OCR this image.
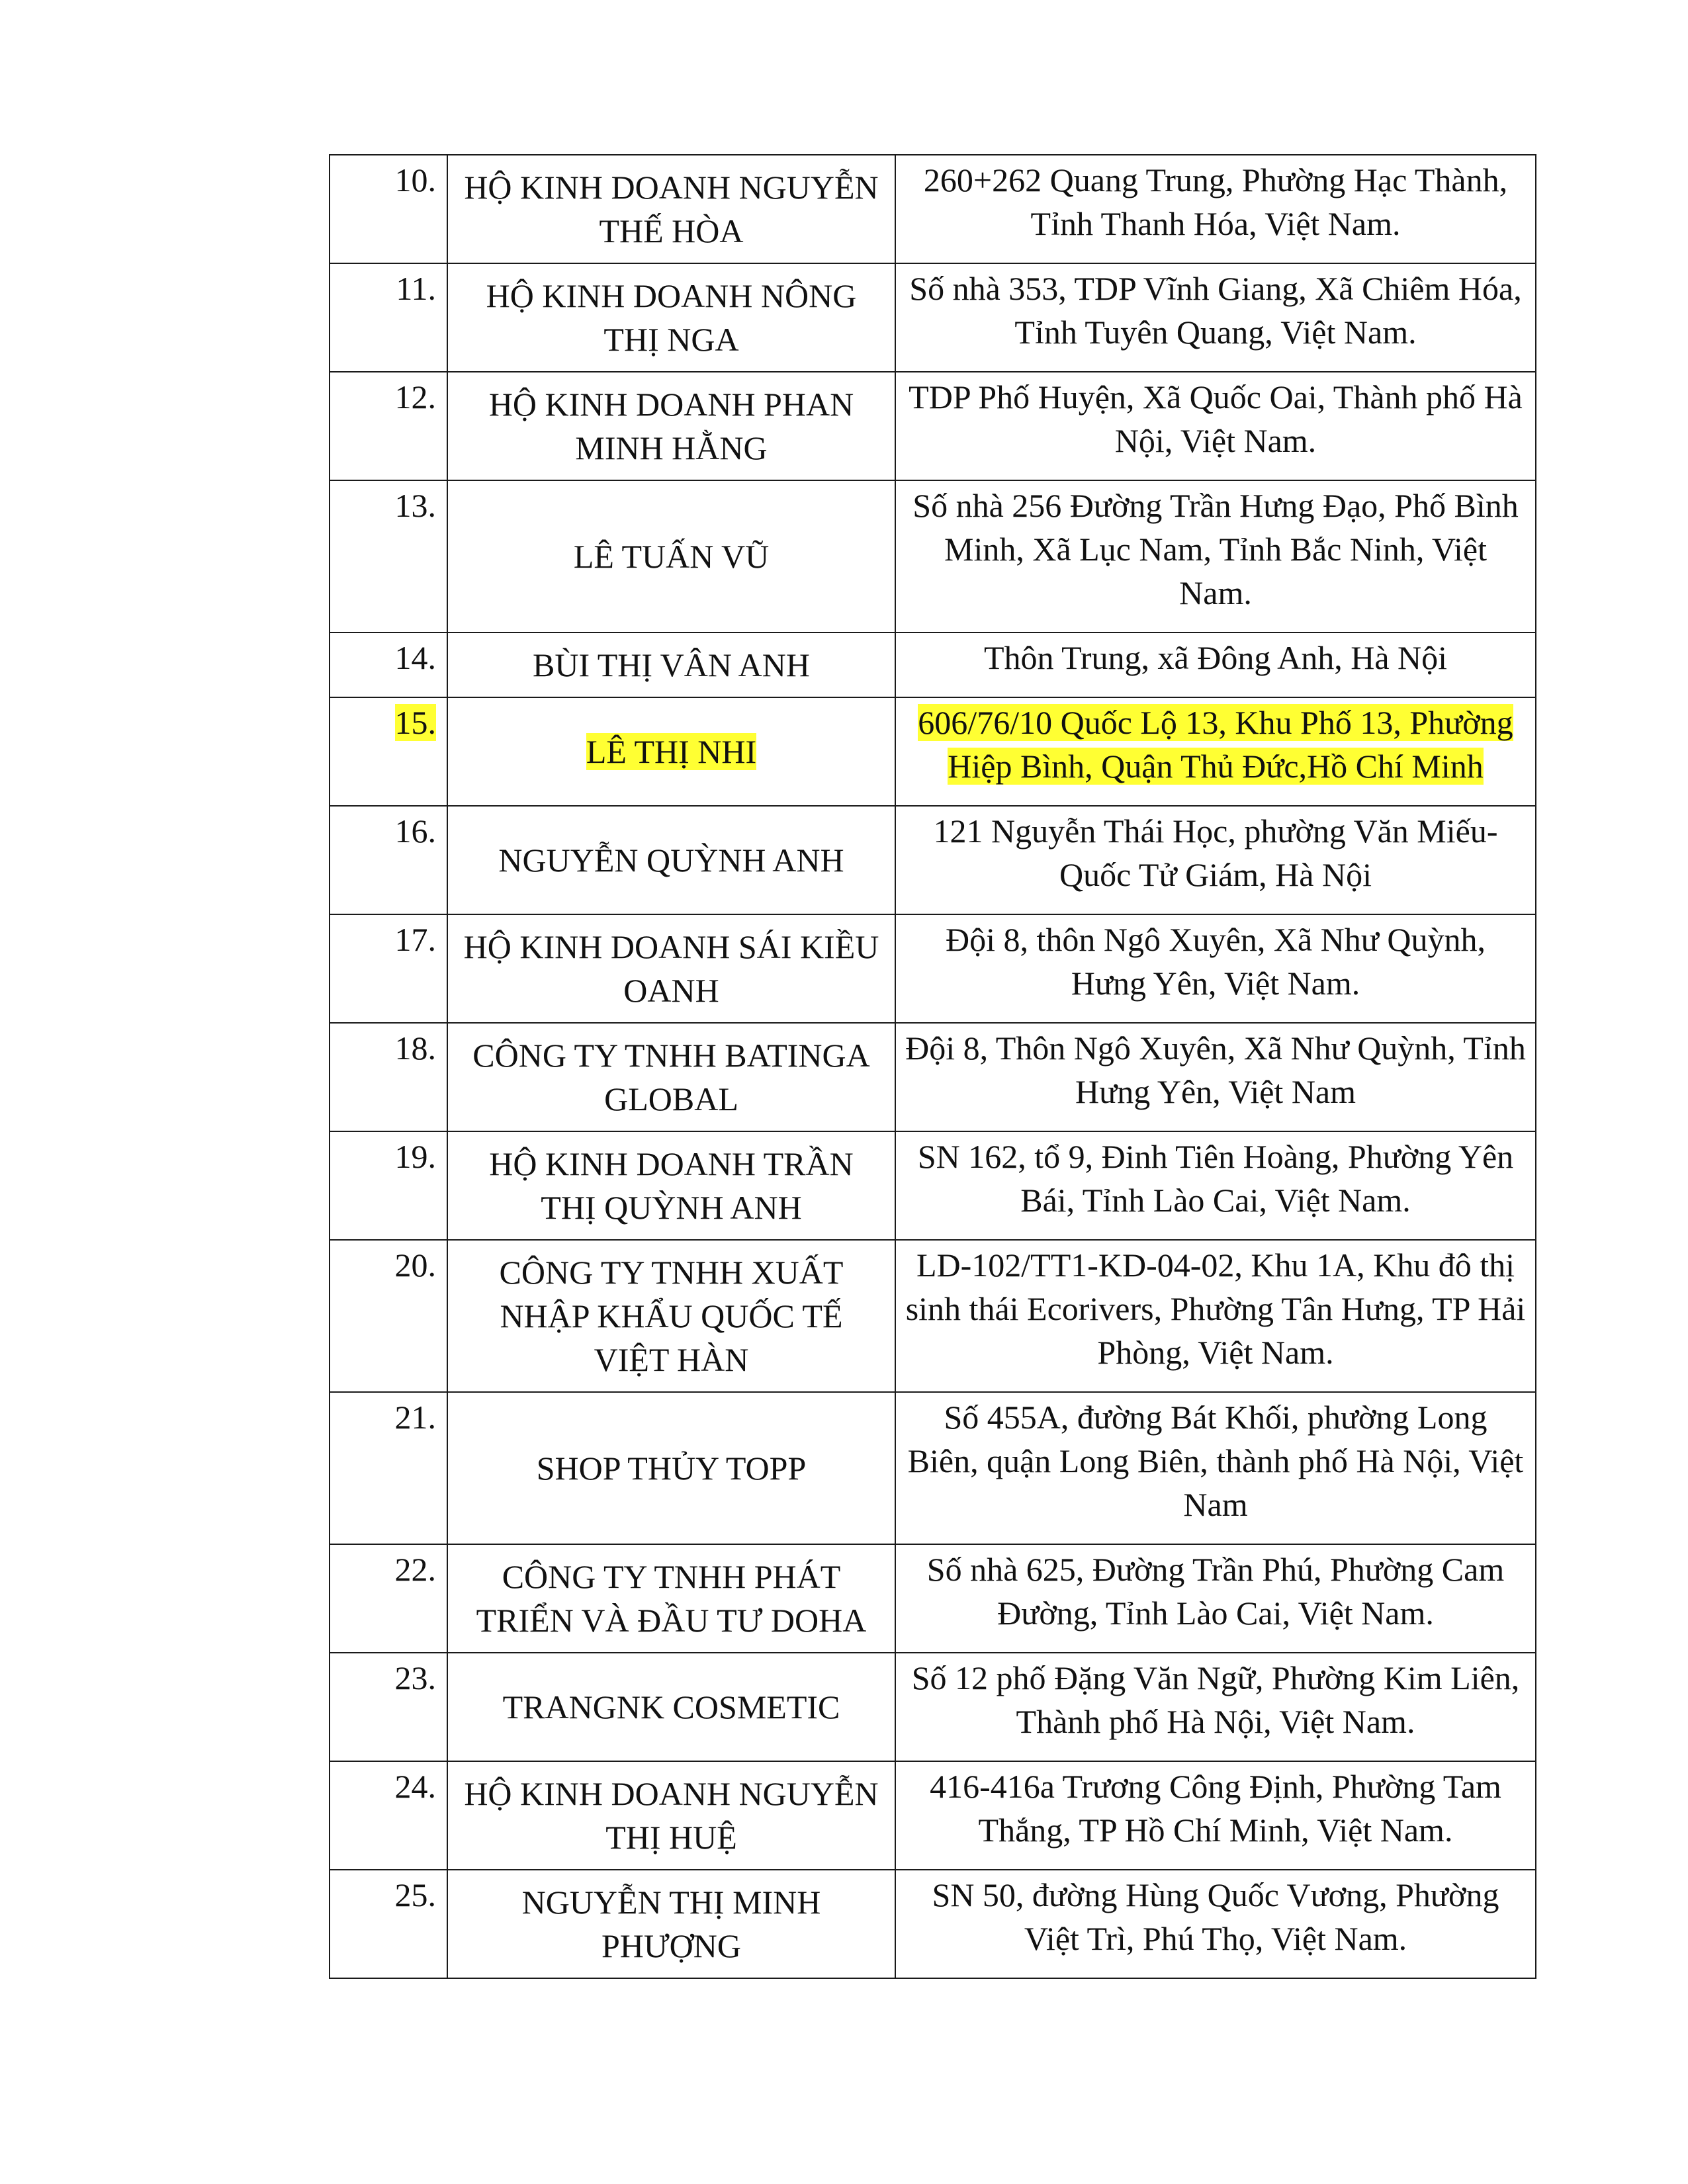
10.	HỘ KINH DOANH NGUYỄN THẾ HÒA	260+262 Quang Trung, Phường Hạc Thành, Tỉnh Thanh Hóa, Việt Nam.
11.	HỘ KINH DOANH NÔNG THỊ NGA	Số nhà 353, TDP Vĩnh Giang, Xã Chiêm Hóa, Tỉnh Tuyên Quang, Việt Nam.
12.	HỘ KINH DOANH PHAN MINH HẰNG	TDP Phố Huyện, Xã Quốc Oai, Thành phố Hà Nội, Việt Nam.
13.	LÊ TUẤN VŨ	Số nhà 256 Đường Trần Hưng Đạo, Phố Bình Minh, Xã Lục Nam, Tỉnh Bắc Ninh, Việt Nam.
14.	BÙI THỊ VÂN ANH	Thôn Trung, xã Đông Anh, Hà Nội
15.	LÊ THỊ NHI	606/76/10 Quốc Lộ 13, Khu Phố 13, Phường Hiệp Bình, Quận Thủ Đức,Hồ Chí Minh
16.	NGUYỄN QUỲNH ANH	121 Nguyễn Thái Học, phường Văn Miếu- Quốc Tử Giám, Hà Nội
17.	HỘ KINH DOANH SÁI KIỀU OANH	Đội 8, thôn Ngô Xuyên, Xã Như Quỳnh, Hưng Yên, Việt Nam.
18.	CÔNG TY TNHH BATINGA GLOBAL	Đội 8, Thôn Ngô Xuyên, Xã Như Quỳnh, Tỉnh Hưng Yên, Việt Nam
19.	HỘ KINH DOANH TRẦN THỊ QUỲNH ANH	SN 162, tổ 9, Đinh Tiên Hoàng, Phường Yên Bái, Tỉnh Lào Cai, Việt Nam.
20.	CÔNG TY TNHH XUẤT NHẬP KHẨU QUỐC TẾ VIỆT HÀN	LD-102/TT1-KD-04-02, Khu 1A, Khu đô thị sinh thái Ecorivers, Phường Tân Hưng, TP Hải Phòng, Việt Nam.
21.	SHOP THỦY TOPP	Số 455A, đường Bát Khối, phường Long Biên, quận Long Biên, thành phố Hà Nội, Việt Nam
22.	CÔNG TY TNHH PHÁT TRIỂN VÀ ĐẦU TƯ DOHA	Số nhà 625, Đường Trần Phú, Phường Cam Đường, Tỉnh Lào Cai, Việt Nam.
23.	TRANGNK COSMETIC	Số 12 phố Đặng Văn Ngữ, Phường Kim Liên, Thành phố Hà Nội, Việt Nam.
24.	HỘ KINH DOANH NGUYỄN THỊ HUỆ	416-416a Trương Công Định, Phường Tam Thắng, TP Hồ Chí Minh, Việt Nam.
25.	NGUYỄN THỊ MINH PHƯỢNG	SN 50, đường Hùng Quốc Vương, Phường Việt Trì, Phú Thọ, Việt Nam.
